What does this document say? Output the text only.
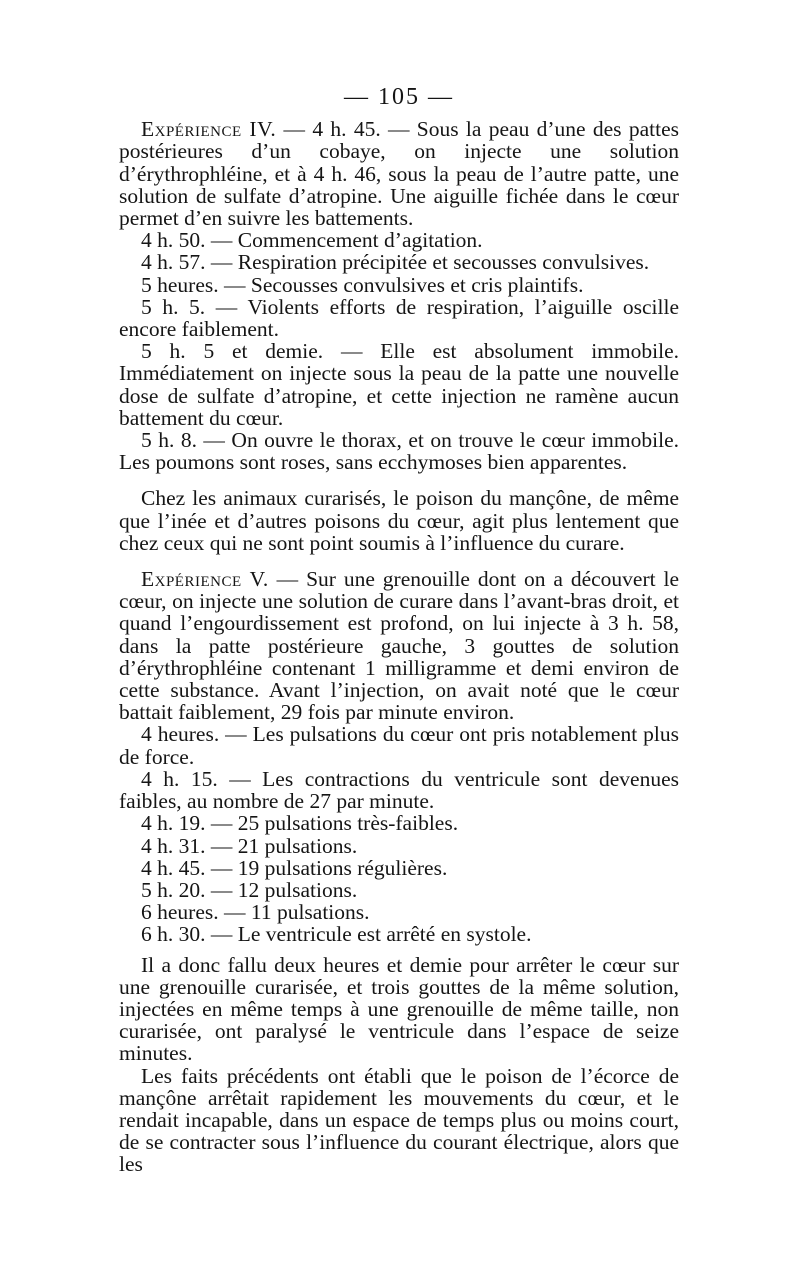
— 105 —

Expérience IV. — 4 h. 45. — Sous la peau d’une des pattes postérieures d’un cobaye, on injecte une solution d’érythrophléine, et à 4 h. 46, sous la peau de l’autre patte, une solution de sulfate d’atropine. Une aiguille fichée dans le cœur permet d’en suivre les battements.

4 h. 50. — Commencement d’agitation.

4 h. 57. — Respiration précipitée et secousses convulsives.

5 heures. — Secousses convulsives et cris plaintifs.

5 h. 5. — Violents efforts de respiration, l’aiguille oscille encore faiblement.

5 h. 5 et demie. — Elle est absolument immobile. Immédiatement on injecte sous la peau de la patte une nouvelle dose de sulfate d’atropine, et cette injection ne ramène aucun battement du cœur.

5 h. 8. — On ouvre le thorax, et on trouve le cœur immobile. Les poumons sont roses, sans ecchymoses bien apparentes.

Chez les animaux curarisés, le poison du mançône, de même que l’inée et d’autres poisons du cœur, agit plus lentement que chez ceux qui ne sont point soumis à l’influence du curare.

Expérience V. — Sur une grenouille dont on a découvert le cœur, on injecte une solution de curare dans l’avant-bras droit, et quand l’engourdissement est profond, on lui injecte à 3 h. 58, dans la patte postérieure gauche, 3 gouttes de solution d’érythrophléine contenant 1 milligramme et demi environ de cette substance. Avant l’injection, on avait noté que le cœur battait faiblement, 29 fois par minute environ.

4 heures. — Les pulsations du cœur ont pris notablement plus de force.

4 h. 15. — Les contractions du ventricule sont devenues faibles, au nombre de 27 par minute.

4 h. 19. — 25 pulsations très-faibles.

4 h. 31. — 21 pulsations.

4 h. 45. — 19 pulsations régulières.

5 h. 20. — 12 pulsations.

6 heures. — 11 pulsations.

6 h. 30. — Le ventricule est arrêté en systole.

Il a donc fallu deux heures et demie pour arrêter le cœur sur une grenouille curarisée, et trois gouttes de la même solution, injectées en même temps à une grenouille de même taille, non curarisée, ont paralysé le ventricule dans l’espace de seize minutes.

Les faits précédents ont établi que le poison de l’écorce de mançône arrêtait rapidement les mouvements du cœur, et le rendait incapable, dans un espace de temps plus ou moins court, de se contracter sous l’influence du courant électrique, alors que les
